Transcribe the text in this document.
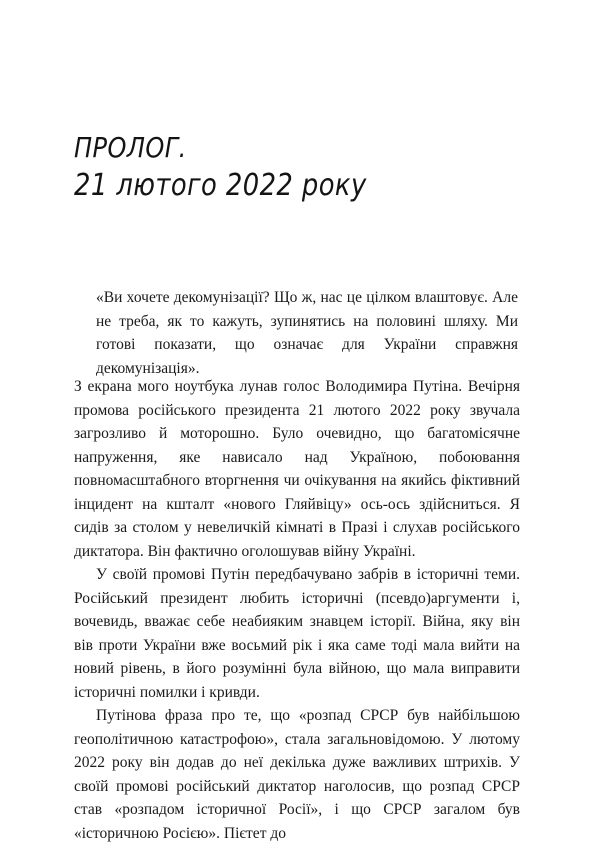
ПРОЛОГ.
21 лютого 2022 року

«Ви хочете декомунізації? Що ж, нас це цілком влаштовує. Але не треба, як то кажуть, зупинятись на половині шляху. Ми готові показати, що означає для України справжня декомунізація».

З екрана мого ноутбука лунав голос Володимира Путіна. Вечірня промова російського президента 21 лютого 2022 року звучала загрозливо й моторошно. Було очевидно, що багатомісячне напруження, яке нависало над Україною, побоювання повномасштабного вторгнення чи очікування на якийсь фіктивний інцидент на кшталт «нового Гляйвіцу» ось-ось здійсниться. Я сидів за столом у невеличкій кімнаті в Празі і слухав російського диктатора. Він фактично оголошував війну Україні.

У своїй промові Путін передбачувано забрів в історичні теми. Російський президент любить історичні (псевдо)аргументи і, вочевидь, вважає себе неабияким знавцем історії. Війна, яку він вів проти України вже восьмий рік і яка саме тоді мала вийти на новий рівень, в його розумінні була війною, що мала виправити історичні помилки і кривди.

Путінова фраза про те, що «розпад СРСР був найбільшою геополітичною катастрофою», стала загальновідомою. У лютому 2022 року він додав до неї декілька дуже важливих штрихів. У своїй промові російський диктатор наголосив, що розпад СРСР став «розпадом історичної Росії», і що СРСР загалом був «історичною Росією». Пієтет до
